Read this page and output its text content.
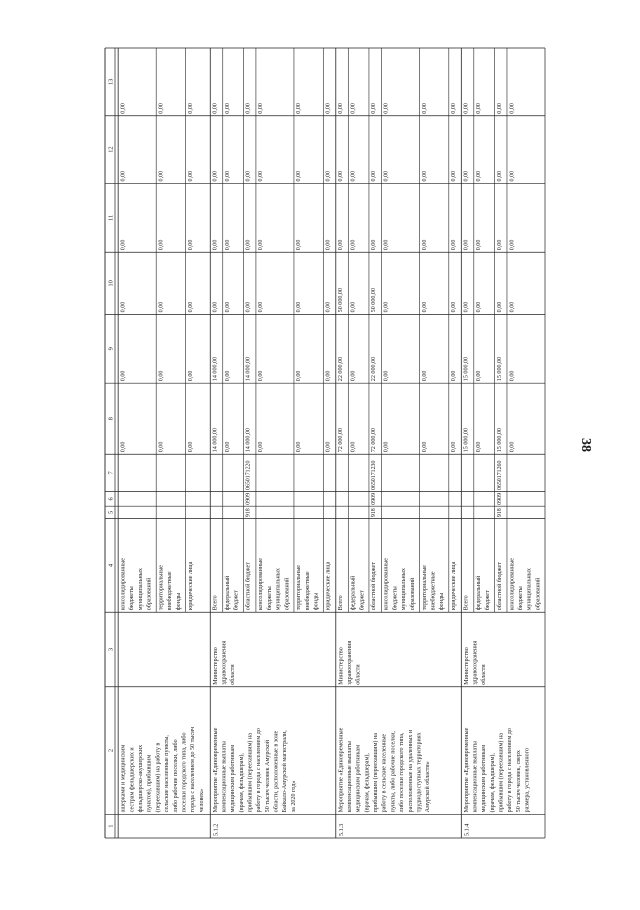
38
1
2
3
4
5
6
7
8
9
10
11
12
13
ашерками и медицинским сестрам фельдшерских и фельдшерско-акушерских пунктов), прибывшим (переехавшим) на работу в сельские населенные пункты, либо рабочие поселки, либо поселки городского типа, либо города с населением до 50 тысяч человек»
консолидированные бюджеты муниципальных образований
0,00
0,00
0,00
0,00
0,00
0,00
территориальные внебюджетные фонды
0,00
0,00
0,00
0,00
0,00
0,00
юридические лица
0,00
0,00
0,00
0,00
0,00
0,00
5.1.2
Мероприятие «Единовременные компенсационные выплаты медицинским работникам (врачам, фельдшерам), прибывшим (переехавшим) на работу в города с населением до 50 тысяч человек Амурской области, расположенные в зоне Байкало-Амурской магистрали, за 2020 год»
Министерство здравоохранения области
Всего
14 000,00
14 000,00
0,00
0,00
0,00
0,00
федеральный бюджет
0,00
0,00
0,00
0,00
0,00
0,00
областной бюджет
918
0909
0650171220
14 000,00
14 000,00
0,00
0,00
0,00
0,00
консолидированные бюджеты муниципальных образований
0,00
0,00
0,00
0,00
0,00
0,00
территориальные внебюджетные фонды
0,00
0,00
0,00
0,00
0,00
0,00
юридические лица
0,00
0,00
0,00
0,00
0,00
0,00
5.1.3
Мероприятие «Единовременные компенсационные выплаты медицинским работникам (врачам, фельдшерам), прибывшим (переехавшим) на работу в сельские населенные пункты, либо рабочие поселки, либо поселки городского типа, расположенные на удаленных и труднодоступных территориях Амурской области»
Министерство здравоохранения области
Всего
72 000,00
22 000,00
50 000,00
0,00
0,00
0,00
федеральный бюджет
0,00
0,00
0,00
0,00
0,00
0,00
областной бюджет
918
0909
0650171230
72 000,00
22 000,00
50 000,00
0,00
0,00
0,00
консолидированные бюджеты муниципальных образований
0,00
0,00
0,00
0,00
0,00
0,00
территориальные внебюджетные фонды
0,00
0,00
0,00
0,00
0,00
0,00
юридические лица
0,00
0,00
0,00
0,00
0,00
0,00
5.1.4
Мероприятие «Единовременные компенсационные выплаты медицинским работникам (врачам, фельдшерам), прибывшим (переехавшим) на работу в города с населением до 50 тысяч человек, сверх размера, установленного
Министерство здравоохранения области
Всего
15 000,00
15 000,00
0,00
0,00
0,00
0,00
федеральный бюджет
0,00
0,00
0,00
0,00
0,00
0,00
областной бюджет
918
0909
0650171260
15 000,00
15 000,00
0,00
0,00
0,00
0,00
консолидированные бюджеты муниципальных образований
0,00
0,00
0,00
0,00
0,00
0,00
